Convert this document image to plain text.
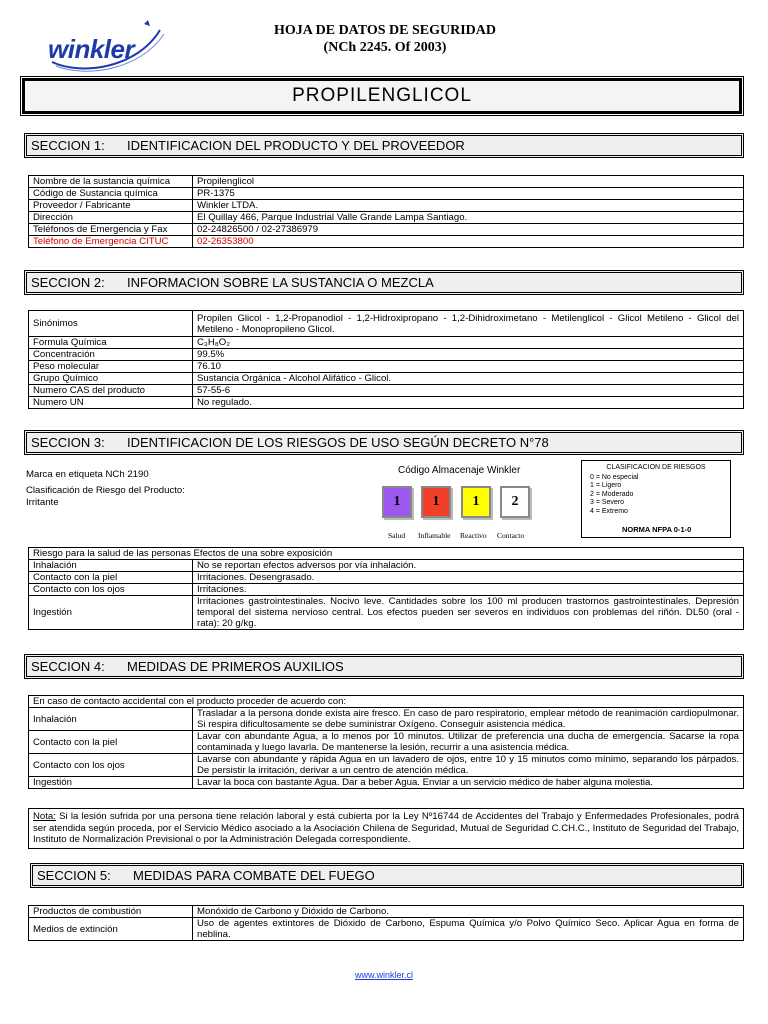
winkler
HOJA DE DATOS DE SEGURIDAD
(NCh 2245. Of 2003)
PROPILENGLICOL
SECCION 1:	IDENTIFICACION DEL PRODUCTO Y DEL PROVEEDOR
Nombre de la sustancia química	Propilenglicol
Código de Sustancia química	PR-1375
Proveedor / Fabricante	Winkler LTDA.
Dirección	El Quillay 466, Parque Industrial Valle Grande Lampa Santiago.
Teléfonos de Emergencia y Fax	02-24826500 / 02-27386979
Teléfono de Emergencia CITUC	02-26353800
SECCION 2:	INFORMACION SOBRE LA SUSTANCIA O MEZCLA
Sinónimos	Propilen Glicol - 1,2-Propanodiol - 1,2-Hidroxipropano - 1,2-Dihidroximetano - Metilenglicol - Glicol Metileno - Glicol del Metileno - Monopropileno Glicol.
Formula Química	C₃H₈O₂
Concentración	99.5%
Peso molecular	76.10
Grupo Químico	Sustancia Orgánica - Alcohol Alifático - Glicol.
Numero CAS del producto	57-55-6
Numero UN	No regulado.
SECCION 3:	IDENTIFICACION DE LOS RIESGOS DE USO SEGÚN DECRETO N°78
Marca en etiqueta NCh 2190
Clasificación de Riesgo del Producto:
Irritante
Código Almacenaje Winkler
1	1	1	2
Salud Inflamable Reactivo Contacto
CLASIFICACION DE RIESGOS
0 = No especial
1 = Ligero
2 = Moderado
3 = Severo
4 = Extremo
NORMA NFPA 0-1-0
Riesgo para la salud de las personas Efectos de una sobre exposición	
Inhalación	No se reportan efectos adversos por vía inhalación.
Contacto con la piel	Irritaciones. Desengrasado.
Contacto con los ojos	Irritaciones.
Ingestión	Irritaciones gastrointestinales. Nocivo leve. Cantidades sobre los 100 ml producen trastornos gastrointestinales. Depresión temporal del sistema nervioso central. Los efectos pueden ser severos en individuos con problemas del riñón. DL50 (oral - rata): 20 g/kg.
SECCION 4:	MEDIDAS DE PRIMEROS AUXILIOS
En caso de contacto accidental con el producto proceder de acuerdo con:	
Inhalación	Trasladar a la persona donde exista aire fresco. En caso de paro respiratorio, emplear método de reanimación cardiopulmonar. Si respira dificultosamente se debe suministrar Oxígeno. Conseguir asistencia médica.
Contacto con la piel	Lavar con abundante Agua, a lo menos por 10 minutos. Utilizar de preferencia una ducha de emergencia. Sacarse la ropa contaminada y luego lavarla. De mantenerse la lesión, recurrir a una asistencia médica.
Contacto con los ojos	Lavarse con abundante y rápida Agua en un lavadero de ojos, entre 10 y 15 minutos como mínimo, separando los párpados. De persistir la irritación, derivar a un centro de atención médica.
Ingestión	Lavar la boca con bastante Agua. Dar a beber Agua. Enviar a un servicio médico de haber alguna molestia.
Nota: Si la lesión sufrida por una persona tiene relación laboral y está cubierta por la Ley Nº16744 de Accidentes del Trabajo y Enfermedades Profesionales, podrá ser atendida según proceda, por el Servicio Médico asociado a la Asociación Chilena de Seguridad, Mutual de Seguridad C.CH.C., Instituto de Seguridad del Trabajo, Instituto de Normalización Previsional o por la Administración Delegada correspondiente.
SECCION 5:	MEDIDAS PARA COMBATE DEL FUEGO
Productos de combustión	Monóxido de Carbono y Dióxido de Carbono.
Medios de extinción	Uso de agentes extintores de Dióxido de Carbono, Espuma Química y/o Polvo Químico Seco. Aplicar Agua en forma de neblina.
www.winkler.cl
